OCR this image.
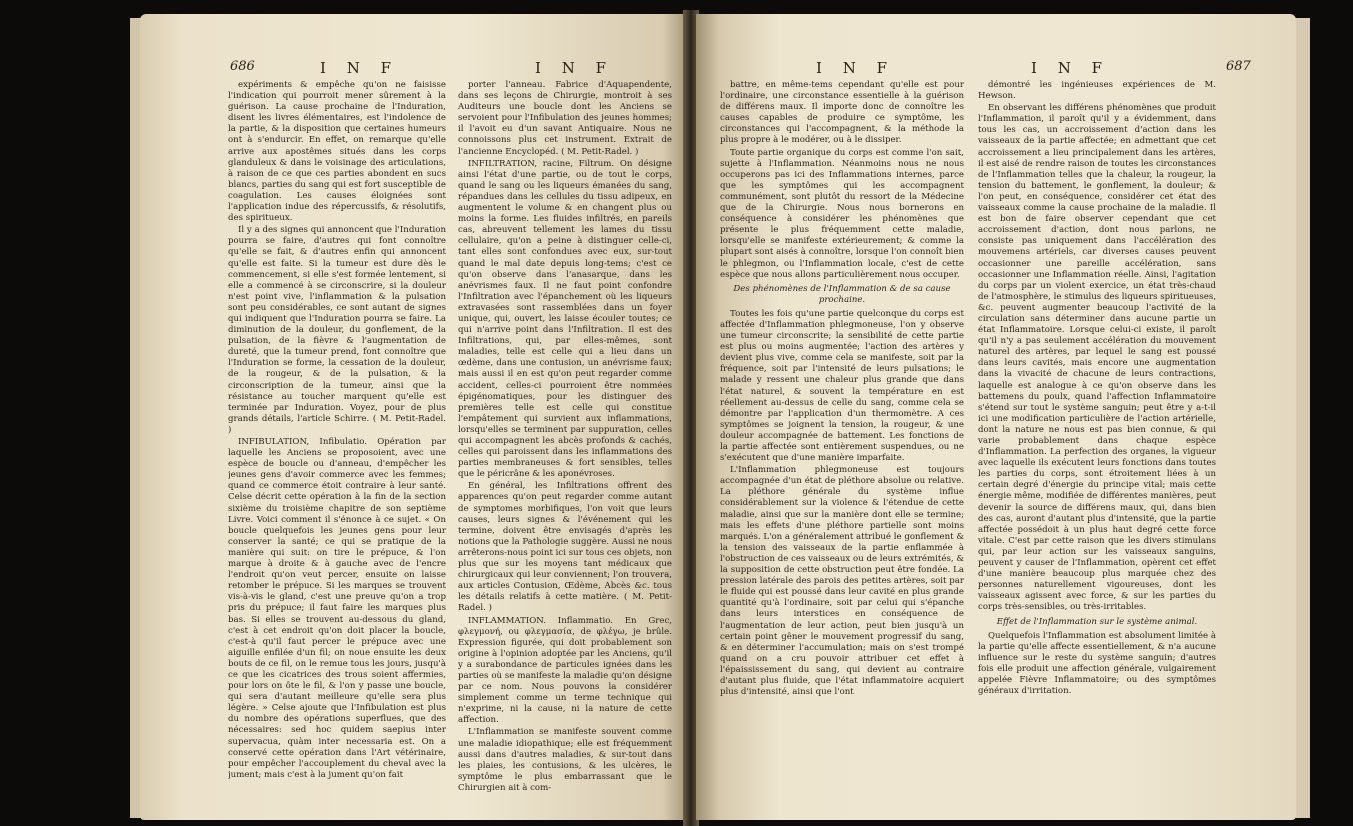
686	I N F	I N F

expériments & empêche qu'on ne faisisse l'indication qui pourroit mener sûrement à la guérison. La cause prochaine de l'Induration, disent les livres élémentaires, est l'indolence de la partie, & la disposition que certaines humeurs ont à s'endurcir. En effet, on remarque qu'elle arrive aux apostêmes situés dans les corps glanduleux & dans le voisinage des articulations, à raison de ce que ces parties abondent en sucs blancs, parties du sang qui est fort susceptible de coagulation. Les causes éloignées sont l'application indue des répercussifs, & résolutifs, des spiritueux.

Il y a des signes qui annoncent que l'Induration pourra se faire, d'autres qui font connoître qu'elle se fait, & d'autres enfin qui annoncent qu'elle est faite. Si la tumeur est dure dès le commencement, si elle s'est formée lentement, si elle a commencé à se circonscrire, si la douleur n'est point vive, l'inflammation & la pulsation sont peu considérables, ce sont autant de signes qui indiquent que l'Induration pourra se faire. La diminution de la douleur, du gonflement, de la pulsation, de la fièvre & l'augmentation de dureté, que la tumeur prend, font connoître que l'Induration se forme, la cessation de la douleur, de la rougeur, & de la pulsation, & la circonscription de la tumeur, ainsi que la résistance au toucher marquent qu'elle est terminée par Induration. Voyez, pour de plus grands détails, l'article Schirre. ( M. Petit-Radel. )

INFIBULATION, Infibulatio. Opération par laquelle les Anciens se proposoient, avec une espèce de boucle ou d'anneau, d'empêcher les jeunes gens d'avoir commerce avec les femmes; quand ce commerce étoit contraire à leur santé. Celse décrit cette opération à la fin de la section sixième du troisième chapitre de son septième Livre. Voici comment il s'énonce à ce sujet. « On boucle quelquefois les jeunes gens pour leur conserver la santé; ce qui se pratique de la manière qui suit: on tire le prépuce, & l'on marque à droite & à gauche avec de l'encre l'endroit qu'on veut percer, ensuite on laisse retomber le prépuce. Si les marques se trouvent vis-à-vis le gland, c'est une preuve qu'on a trop pris du prépuce; il faut faire les marques plus bas. Si elles se trouvent au-dessous du gland, c'est à cet endroit qu'on doit placer la boucle, c'est-à qu'il faut percer le prépuce avec une aiguille enfilée d'un fil; on noue ensuite les deux bouts de ce fil, on le remue tous les jours, jusqu'à ce que les cicatrices des trous soient affermies, pour lors on ôte le fil, & l'on y passe une boucle, qui sera d'autant meilleure qu'elle sera plus légère. » Celse ajoute que l'Infibulation est plus du nombre des opérations superflues, que des nécessaires: sed hoc quidem saepius inter supervacua, quàm inter necessaria est. On a conservé cette opération dans l'Art vétérinaire, pour empêcher l'accouplement du cheval avec la jument; mais c'est à la jument qu'on fait

porter l'anneau. Fabrice d'Aquapendente, dans ses leçons de Chirurgie, montroit à ses Auditeurs une boucle dont les Anciens se servoient pour l'Infibulation des jeunes hommes; il l'avoit eu d'un savant Antiquaire. Nous ne connoissons plus cet instrument. Extrait de l'ancienne Encyclopéd. ( M. Petit-Radel. )

INFILTRATION, racine, Filtrum. On désigne ainsi l'état d'une partie, ou de tout le corps, quand le sang ou les liqueurs émanées du sang, répandues dans les cellules du tissu adipeux, en augmentent le volume & en changent plus ou moins la forme. Les fluides infiltrés, en pareils cas, abreuvent tellement les lames du tissu cellulaire, qu'on a peine à distinguer celle-ci, tant elles sont confondues avec eux, sur-tout quand le mal date depuis long-tems; c'est ce qu'on observe dans l'anasarque, dans les anévrismes faux. Il ne faut point confondre l'Infiltration avec l'épanchement où les liqueurs extravasées sont rassemblées dans un foyer unique, qui, ouvert, les laisse écouler toutes; ce qui n'arrive point dans l'Infiltration. Il est des Infiltrations, qui, par elles-mêmes, sont maladies, telle est celle qui a lieu dans un œdème, dans une contusion, un anévrisme faux; mais aussi il en est qu'on peut regarder comme accident, celles-ci pourroient être nommées épigénomatiques, pour les distinguer des premières telle est celle qui constitue l'empâtement qui survient aux inflammations, lorsqu'elles se terminent par suppuration, celles qui accompagnent les abcès profonds & cachés, celles qui paroissent dans les inflammations des parties membraneuses & fort sensibles, telles que le péricrâne & les aponévroses.

En général, les Infiltrations offrent des apparences qu'on peut regarder comme autant de symptomes morbifiques, l'on voit que leurs causes, leurs signes & l'événement qui les termine, doivent être envisagés d'après les notions que la Pathologie suggère. Aussi ne nous arrêterons-nous point ici sur tous ces objets, non plus que sur les moyens tant médicaux que chirurgicaux qui leur conviennent; l'on trouvera, aux articles Contusion, Œdème, Abcès &c. tous les détails relatifs à cette matière. ( M. Petit-Radel. )

INFLAMMATION. Inflammatio. En Grec, φλεγμονή, ou φλεγμασία, de φλέγω, je brûle. Expression figurée, qui doit probablement son origine à l'opinion adoptée par les Anciens, qu'il y a surabondance de particules ignées dans les parties où se manifeste la maladie qu'on désigne par ce nom. Nous pouvons la considérer simplement comme un terme technique qui n'exprime, ni la cause, ni la nature de cette affection.

L'Inflammation se manifeste souvent comme une maladie idiopathique; elle est fréquemment aussi dans d'autres maladies, & sur-tout dans les plaies, les contusions, & les ulcères, le symptôme le plus embarrassant que le Chirurgien ait à com-

I N F	I N F	687

battre, en même-tems cependant qu'elle est pour l'ordinaire, une circonstance essentielle à la guérison de différens maux. Il importe donc de connoître les causes capables de produire ce symptôme, les circonstances qui l'accompagnent, & la méthode la plus propre à le modérer, ou à le dissiper.

Toute partie organique du corps est comme l'on sait, sujette à l'Inflammation. Néanmoins nous ne nous occuperons pas ici des Inflammations internes, parce que les symptômes qui les accompagnent communément, sont plutôt du ressort de la Médecine que de la Chirurgie. Nous nous bornerons en conséquence à considérer les phénomènes que présente le plus fréquemment cette maladie, lorsqu'elle se manifeste extérieurement; & comme la plupart sont aisés à connoître, lorsque l'on connoît bien le phlegmon, ou l'Inflammation locale, c'est de cette espèce que nous allons particulièrement nous occuper.

Des phénomènes de l'Inflammation & de sa cause prochaine.

Toutes les fois qu'une partie quelconque du corps est affectée d'Inflammation phlegmoneuse, l'on y observe une tumeur circonscrite; la sensibilité de cette partie est plus ou moins augmentée; l'action des artères y devient plus vive, comme cela se manifeste, soit par la fréquence, soit par l'intensité de leurs pulsations; le malade y ressent une chaleur plus grande que dans l'état naturel, & souvent la température en est réellement au-dessus de celle du sang, comme cela se démontre par l'application d'un thermomètre. A ces symptômes se joignent la tension, la rougeur, & une douleur accompagnée de battement. Les fonctions de la partie affectée sont entièrement suspendues, ou ne s'exécutent que d'une manière imparfaite.

L'Inflammation phlegmoneuse est toujours accompagnée d'un état de pléthore absolue ou relative. La pléthore générale du système influe considérablement sur la violence & l'étendue de cette maladie, ainsi que sur la manière dont elle se termine; mais les effets d'une pléthore partielle sont moins marqués. L'on a généralement attribué le gonflement & la tension des vaisseaux de la partie enflammée à l'obstruction de ces vaisseaux ou de leurs extrémités, & la supposition de cette obstruction peut être fondée. La pression latérale des parois des petites artères, soit par le fluide qui est poussé dans leur cavité en plus grande quantité qu'à l'ordinaire, soit par celui qui s'épanche dans leurs interstices en conséquence de l'augmentation de leur action, peut bien jusqu'à un certain point gêner le mouvement progressif du sang, & en déterminer l'accumulation; mais on s'est trompé quand on a cru pouvoir attribuer cet effet à l'épaississement du sang, qui devient au contraire d'autant plus fluide, que l'état inflammatoire acquiert plus d'intensité, ainsi que l'ont

démontré les ingénieuses expériences de M. Hewson.

En observant les différens phénomènes que produit l'Inflammation, il paroît qu'il y a évidemment, dans tous les cas, un accroissement d'action dans les vaisseaux de la partie affectée; en admettant que cet accroissement a lieu principalement dans les artères, il est aisé de rendre raison de toutes les circonstances de l'Inflammation telles que la chaleur, la rougeur, la tension du battement, le gonflement, la douleur; & l'on peut, en conséquence, considérer cet état des vaisseaux comme la cause prochaine de la maladie. Il est bon de faire observer cependant que cet accroissement d'action, dont nous parlons, ne consiste pas uniquement dans l'accélération des mouvemens artériels, car diverses causes peuvent occasionner une pareille accélération, sans occasionner une Inflammation réelle. Ainsi, l'agitation du corps par un violent exercice, un état très-chaud de l'atmosphère, le stimulus des liqueurs spiritueuses, &c. peuvent augmenter beaucoup l'activité de la circulation sans déterminer dans aucune partie un état Inflammatoire. Lorsque celui-ci existe, il paroît qu'il n'y a pas seulement accélération du mouvement naturel des artères, par lequel le sang est poussé dans leurs cavités, mais encore une augmentation dans la vivacité de chacune de leurs contractions, laquelle est analogue à ce qu'on observe dans les battemens du poulx, quand l'affection Inflammatoire s'étend sur tout le système sanguin; peut être y a-t-il ici une modification particulière de l'action artérielle, dont la nature ne nous est pas bien connue, & qui varie probablement dans chaque espèce d'Inflammation. La perfection des organes, la vigueur avec laquelle ils exécutent leurs fonctions dans toutes les parties du corps, sont étroitement liées à un certain degré d'énergie du principe vital; mais cette énergie même, modifiée de différentes manières, peut devenir la source de différens maux, qui, dans bien des cas, auront d'autant plus d'intensité, que la partie affectée possédoit à un plus haut degré cette force vitale. C'est par cette raison que les divers stimulans qui, par leur action sur les vaisseaux sanguins, peuvent y causer de l'Inflammation, opèrent cet effet d'une manière beaucoup plus marquée chez des personnes naturellement vigoureuses, dont les vaisseaux agissent avec force, & sur les parties du corps très-sensibles, ou très-irritables.

Effet de l'Inflammation sur le système animal.

Quelquefois l'Inflammation est absolument limitée à la partie qu'elle affecte essentiellement, & n'a aucune influence sur le reste du système sanguin; d'autres fois elle produit une affection générale, vulgairement appelée Fièvre Inflammatoire; ou des symptômes généraux d'irritation.
